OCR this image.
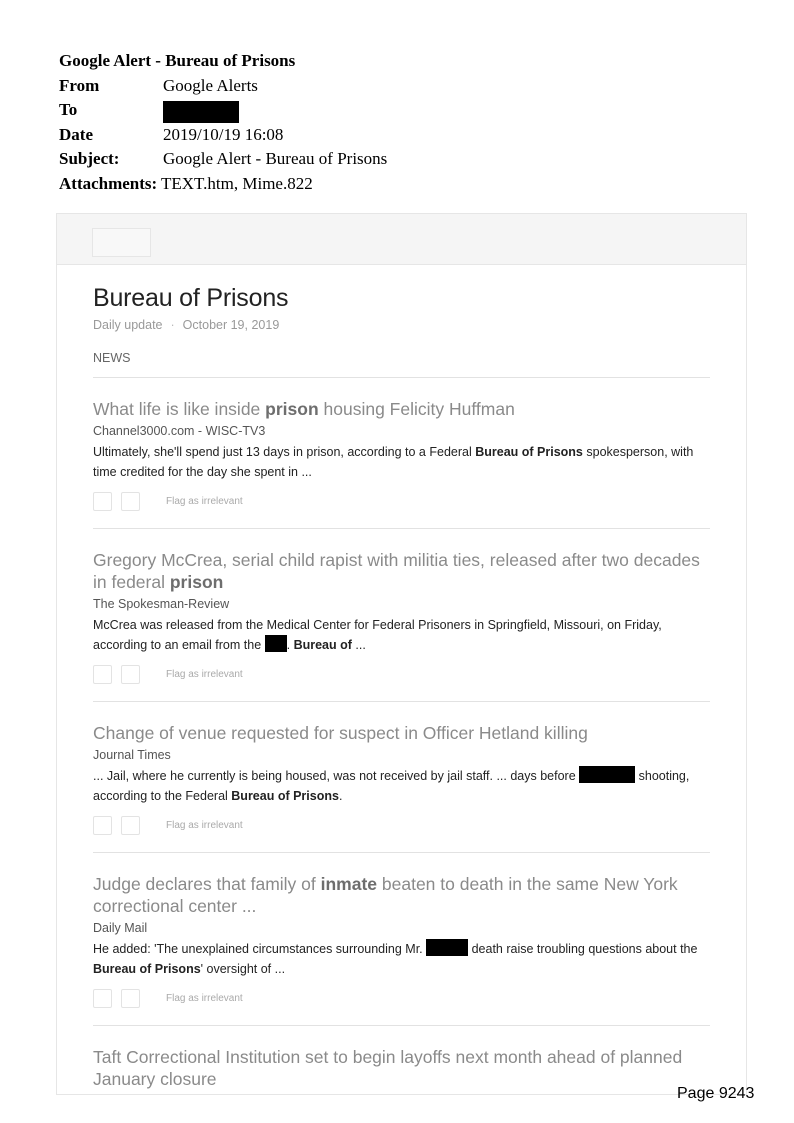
Google Alert - Bureau of Prisons
From	Google Alerts
To
Date	2019/10/19 16:08
Subject:	Google Alert - Bureau of Prisons
Attachments: TEXT.htm, Mime.822
Bureau of Prisons
Daily update · October 19, 2019
NEWS
What life is like inside prison housing Felicity Huffman
Channel3000.com - WISC-TV3
Ultimately, she'll spend just 13 days in prison, according to a Federal Bureau of Prisons spokesperson, with time credited for the day she spent in ...
Flag as irrelevant
Gregory McCrea, serial child rapist with militia ties, released after two decades in federal prison
The Spokesman-Review
McCrea was released from the Medical Center for Federal Prisoners in Springfield, Missouri, on Friday, according to an email from the . Bureau of ...
Flag as irrelevant
Change of venue requested for suspect in Officer Hetland killing
Journal Times
... Jail, where he currently is being housed, was not received by jail staff. ... days before	shooting, according to the Federal Bureau of Prisons.
Flag as irrelevant
Judge declares that family of inmate beaten to death in the same New York correctional center ...
Daily Mail
He added: 'The unexplained circumstances surrounding Mr.	death raise troubling questions about the Bureau of Prisons' oversight of ...
Flag as irrelevant
Taft Correctional Institution set to begin layoffs next month ahead of planned January closure
Page 9243
